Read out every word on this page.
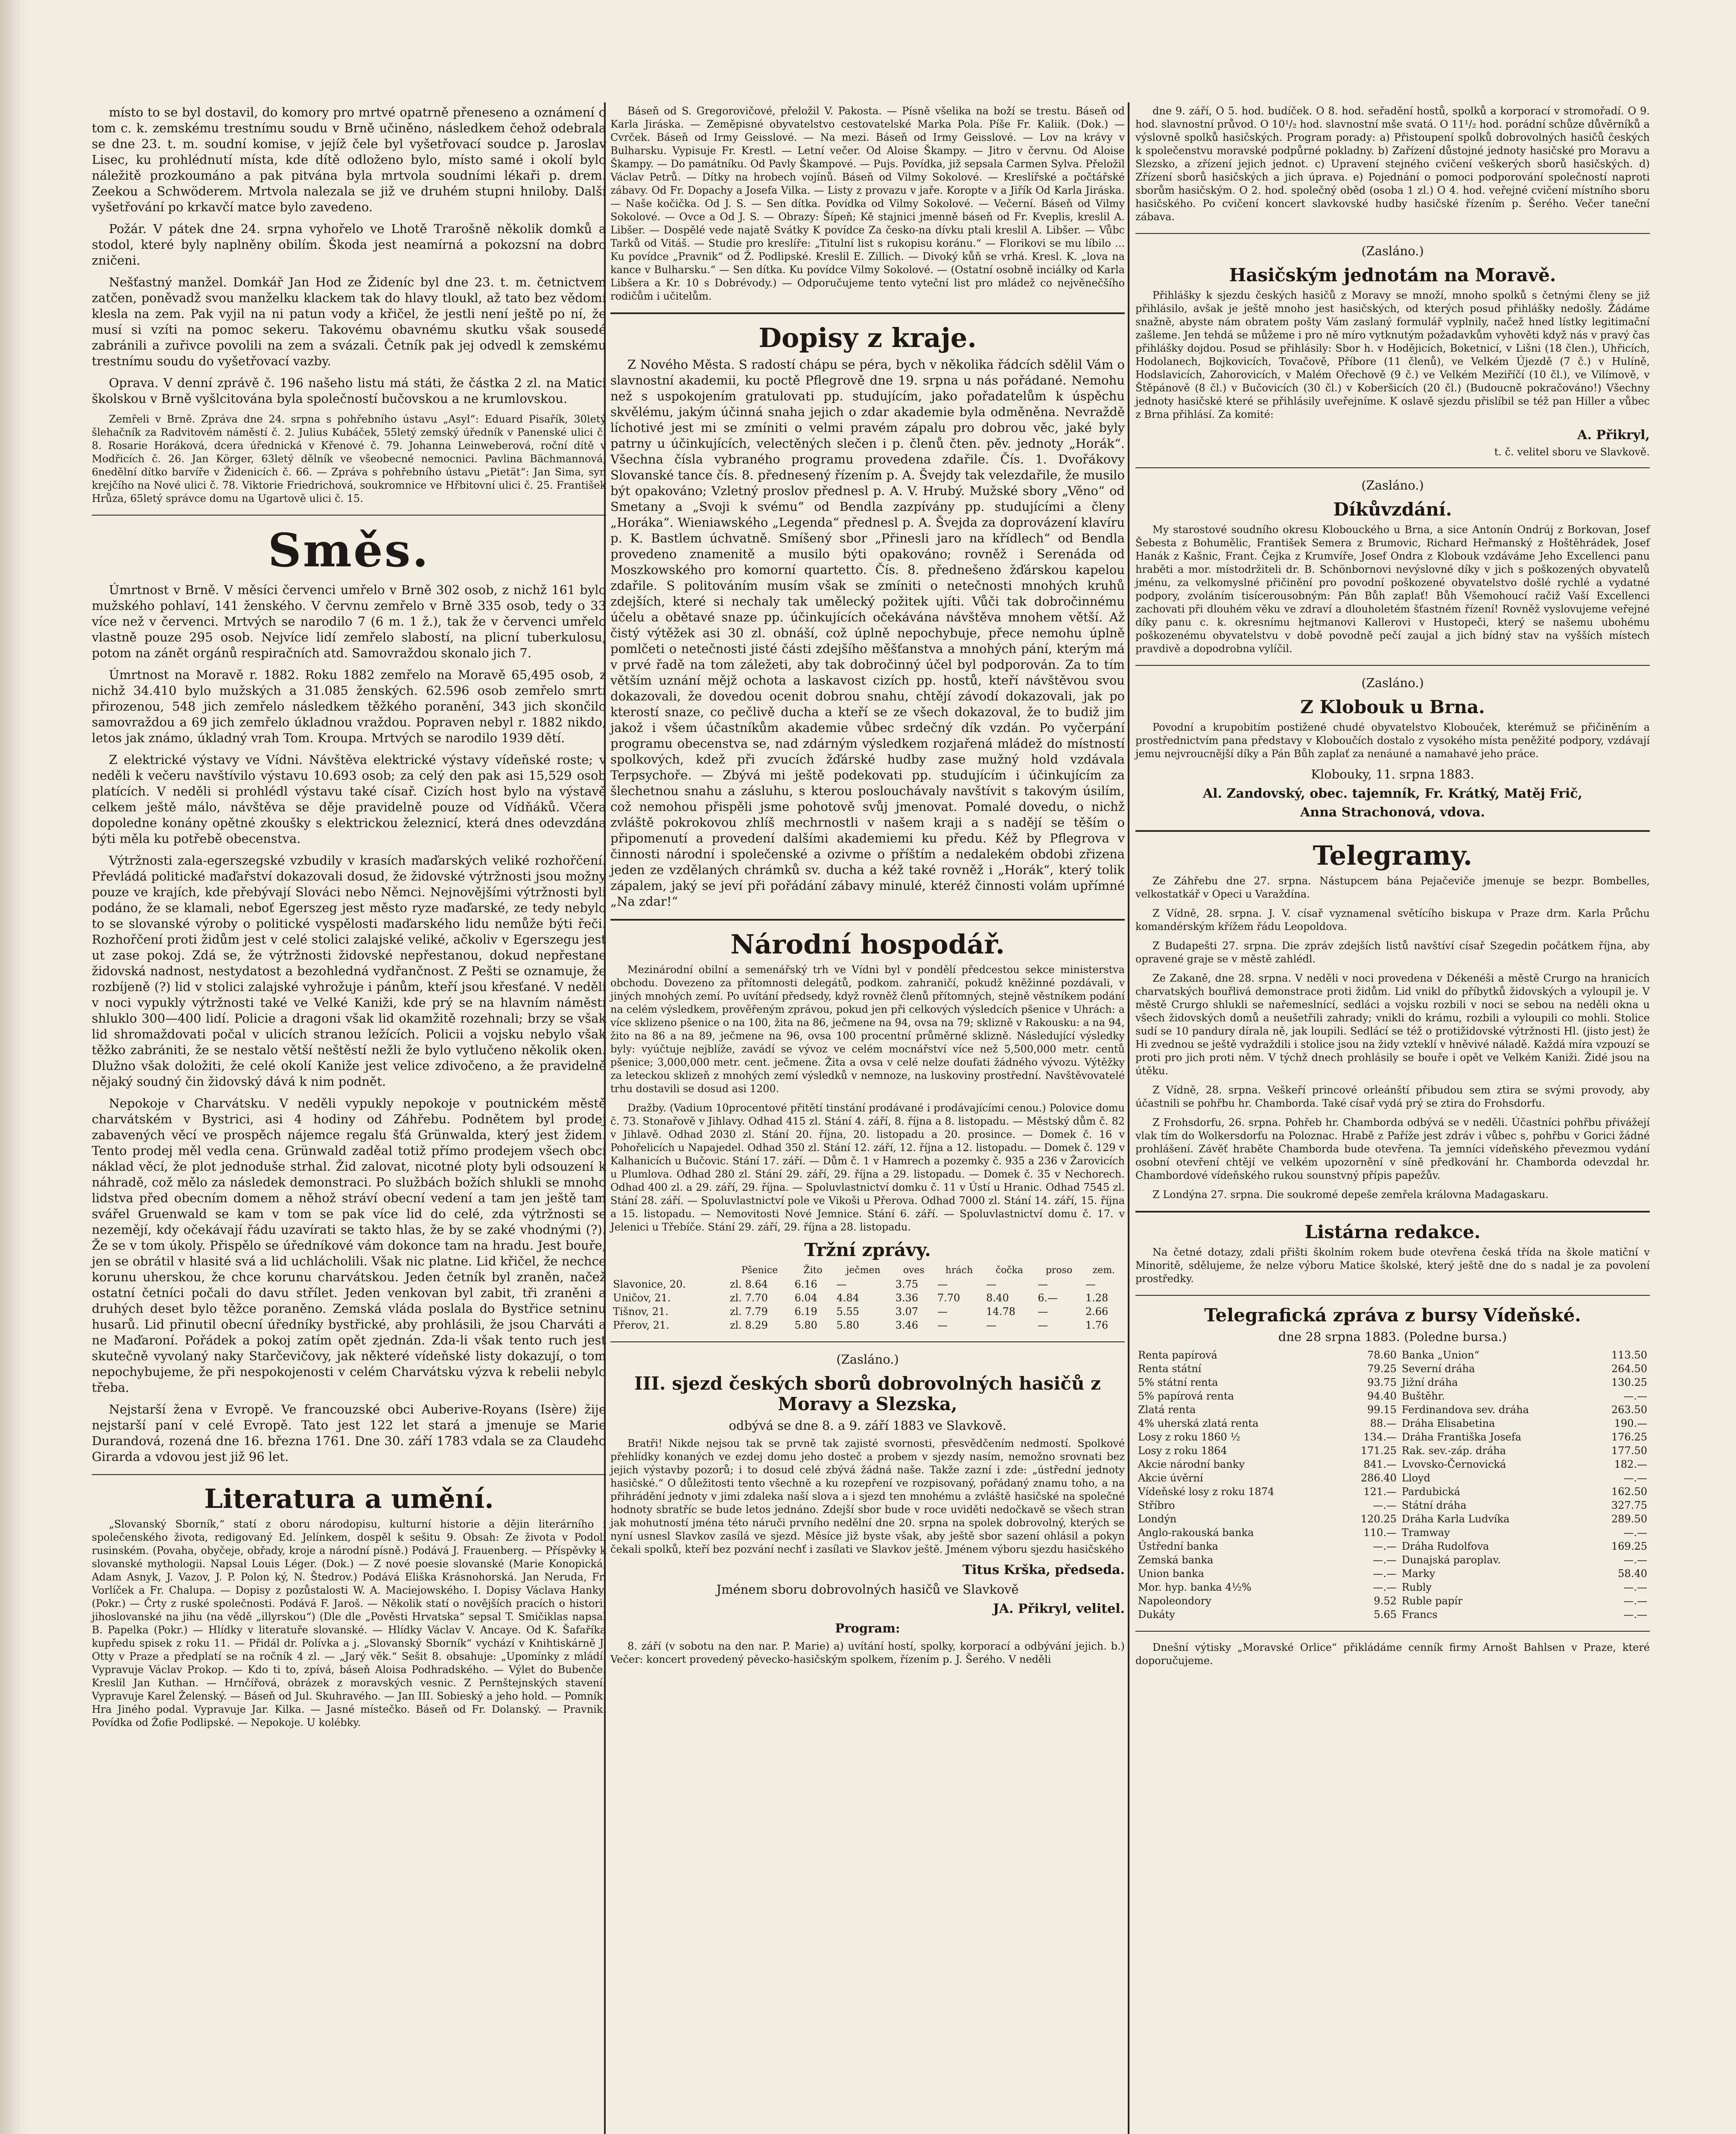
místo to se byl dostavil, do komory pro mrtvé opatrně přeneseno a oznámení o tom c. k. zemskému trestnímu soudu v Brně učiněno, následkem čehož odebrala se dne 23. t. m. soudní komise, v jejíž čele byl vyšetřovací soudce p. Jaroslav Lisec, ku prohlédnutí místa, kde dítě odloženo bylo, místo samé i okolí bylo náležitě prozkoumáno a pak pitvána byla mrtvola soudními lékaři p. drem. Zeekou a Schwöderem. Mrtvola nalezala se již ve druhém stupni hniloby. Další vyšetřování po krkavčí matce bylo zavedeno.

Požár. V pátek dne 24. srpna vyhořelo ve Lhotě Trarošně několik domků a stodol, které byly naplněny obilím. Škoda jest neamírná a pokozsní na dobro zničeni.

Nešťastný manžel. Domkář Jan Hod ze Žideníc byl dne 23. t. m. četnictvem zatčen, poněvadž svou manželku klackem tak do hlavy tloukl, až tato bez vědomí klesla na zem. Pak vyjil na ni patun vody a křičel, že jestli není ještě po ní, že musí si vzíti na pomoc sekeru. Takovému obavnému skutku však sousedé zabránili a zuřivce povolili na zem a svázali. Četník pak jej odvedl k zemskému trestnímu soudu do vyšetřovací vazby.

Oprava. V denní zprávě č. 196 našeho listu má státi, že částka 2 zl. na Matici školskou v Brně vyšlcitována byla společností bučovskou a ne krumlovskou.

Zemřeli v Brně. Zpráva dne 24. srpna s pohřebního ústavu „Asyl“: Eduard Pisařík, 30letý šlehačník za Radvitovém náměstí č. 2. Julius Kubáček, 55letý zemský úředník v Panenské ulici č. 8. Rosarie Horáková, dcera úřednická v Křenové č. 79. Johanna Leinweberová, roční dítě v Modřicích č. 26. Jan Körger, 63letý dělník ve všeobecné nemocnici. Pavlina Bächmannová, 6nedělní dítko barvíře v Židenicích č. 66. — Zpráva s pohřebního ústavu „Pietät“: Jan Sima, syn krejčího na Nové ulici č. 78. Viktorie Friedrichová, soukromnice ve Hřbitovní ulici č. 25. František Hrůza, 65letý správce domu na Ugartově ulici č. 15.

Směs.

Úmrtnost v Brně. V měsíci červenci umřelo v Brně 302 osob, z nichž 161 bylo mužského pohlaví, 141 ženského. V červnu zemřelo v Brně 335 osob, tedy o 33 více než v červenci. Mrtvých se narodilo 7 (6 m. 1 ž.), tak že v červenci umřelo vlastně pouze 295 osob. Nejvíce lidí zemřelo slabostí, na plicní tuberkulosu, potom na zánět orgánů respiračních atd. Samovraždou skonalo jich 7.

Úmrtnost na Moravě r. 1882. Roku 1882 zemřelo na Moravě 65,495 osob, z nichž 34.410 bylo mužských a 31.085 ženských. 62.596 osob zemřelo smrtí přirozenou, 548 jich zemřelo následkem těžkého poranění, 343 jich skončilo samovraždou a 69 jich zemřelo úkladnou vraždou. Popraven nebyl r. 1882 nikdo, letos jak známo, úkladný vrah Tom. Kroupa. Mrtvých se narodilo 1939 dětí.

Z elektrické výstavy ve Vídni. Návštěva elektrické výstavy vídeňské roste; v neděli k večeru navštívilo výstavu 10.693 osob; za celý den pak asi 15,529 osob platících. V neděli si prohlédl výstavu také císař. Cizích host bylo na výstavě celkem ještě málo, návštěva se děje pravidelně pouze od Vídňáků. Včera dopoledne konány opětné zkoušky s elektrickou železnicí, která dnes odevzdána býti měla ku potřebě obecenstva.

Výtržnosti zala-egerszegské vzbudily v krasích maďarských veliké rozhořčení. Převládá politické maďařství dokazovali dosud, že židovské výtržnosti jsou možny pouze ve krajích, kde přebývají Slováci nebo Němci. Nejnovějšími výtržnosti byli podáno, že se klamali, neboť Egerszeg jest město ryze maďarské, ze tedy nebylo to se slovanské výroby o politické vyspělosti maďarského lidu nemůže býti řeči. Rozhořčení proti židům jest v celé stolici zalajské veliké, ačkoliv v Egerszegu jest ut zase pokoj. Zdá se, že výtržnosti židovské nepřestanou, dokud nepřestane židovská nadnost, nestydatost a bezohledná vydřančnost. Z Pešti se oznamuje, že rozbíjeně (?) lid v stolici zalajské vyhrožuje i pánům, kteří jsou křesťané. V neděli v noci vypukly výtržnosti také ve Velké Kaniži, kde prý se na hlavním náměstí shluklo 300—400 lidí. Policie a dragoni však lid okamžitě rozehnali; brzy se však lid shromaždovati počal v ulicích stranou ležících. Policii a vojsku nebylo však těžko zabrániti, že se nestalo větší neštěstí nežli že bylo vytlučeno několik oken. Dlužno však doložiti, že celé okolí Kaniže jest velice zdivočeno, a že pravidelně nějaký soudný čin židovský dává k nim podnět.

Nepokoje v Charvátsku. V neděli vypukly nepokoje v poutnickém městě charvátském v Bystrici, asi 4 hodiny od Záhřebu. Podnětem byl prodej zabavených věcí ve prospěch nájemce regalu šťá Grünwalda, který jest židem. Tento prodej měl vedla cena. Grünwald zaděal totiž přímo prodejem všech obcí náklad věcí, že plot jednoduše strhal. Žid zalovat, nicotné ploty byli odsouzení k náhradě, což mělo za následek demonstraci. Po službách božích shlukli se mnoho lidstva před obecním domem a něhož stráví obecní vedení a tam jen ještě tam svářel Gruenwald se kam v tom se pak více lid do celé, zda výtržnosti se nezemějí, kdy očekávají řádu uzavírati se takto hlas, že by se zaké vhodnými (?). Že se v tom úkoly. Přispělo se úředníkové vám dokonce tam na hradu. Jest bouře, jen se obrátil v hlasité svá a lid uchlácholili. Však nic platne. Lid křičel, že nechce korunu uherskou, že chce korunu charvátskou. Jeden četník byl zraněn, načež ostatní četníci počali do davu střílet. Jeden venkovan byl zabit, tři zraněni a druhých deset bylo těžce poraněno. Zemská vláda poslala do Bystřice setninu husarů. Lid přinutil obecní úředníky bystřické, aby prohlásili, že jsou Charváti a ne Maďaroní. Pořádek a pokoj zatím opět zjednán. Zda-li však tento ruch jest skutečně vyvolaný naky Starčevičovy, jak některé vídeňské listy dokazují, o tom nepochybujeme, že při nespokojenosti v celém Charvátsku výzva k rebelii nebylo třeba.

Nejstarší žena v Evropě. Ve francouzské obci Auberive-Royans (Isère) žije nejstarší paní v celé Evropě. Tato jest 122 let stará a jmenuje se Marie Durandová, rozená dne 16. března 1761. Dne 30. září 1783 vdala se za Claudeho Girarda a vdovou jest již 96 let.

Literatura a umění.

„Slovanský Sborník,“ statí z oboru národopisu, kulturní historie a dějin literárního i společenského života, redigovaný Ed. Jelínkem, dospěl k sešitu 9. Obsah: Ze života v Podolí rusinském. (Povaha, obyčeje, obřady, kroje a národní písně.) Podává J. Frauenberg. — Příspěvky k slovanské mythologii. Napsal Louis Léger. (Dok.) — Z nové poesie slovanské (Marie Konopická, Adam Asnyk, J. Vazov, J. P. Polon ký, N. Štedrov.) Podává Eliška Krásnohorská. Jan Neruda, Fr. Vorlíček a Fr. Chalupa. — Dopisy z pozůstalosti W. A. Maciejowského. I. Dopisy Václava Hanky. (Pokr.) — Črty z ruské společnosti. Podává F. Jaroš. — Několik statí o novějších pracích o historii jihoslovanské na jihu (na vědě „illyrskou“) (Dle dle „Pověsti Hrvatska“ sepsal T. Smičiklas napsal B. Papelka (Pokr.) — Hlídky v literatuře slovanské. — Hlídky Václav V. Ancaye. Od K. Šafaříka kupředu spisek z roku 11. — Přidál dr. Polívka a j. „Slovanský Sborník“ vychází v Knihtiskárně J. Otty v Praze a předplatí se na ročník 4 zl. — „Jarý věk.“ Sešit 8. obsahuje: „Upomínky z mládí. Vypravuje Václav Prokop. — Kdo ti to, zpívá, báseň Aloisa Podhradského. — Výlet do Bubenče. Kreslil Jan Kuthan. — Hrnčířová, obrázek z moravských vesnic. Z Pernštejnských stavení: Vypravuje Karel Želenský. — Báseň od Jul. Skuhravého. — Jan III. Sobieský a jeho hold. — Pomník. Hra Jiného podal. Vypravuje Jar. Kilka. — Jasné místečko. Báseň od Fr. Dolanský. — Pravnik. Povídka od Žofie Podlipské. — Nepokoje. U kolébky.

Báseň od S. Gregorovičové, přeložil V. Pakosta. — Písně všelika na boží se trestu. Báseň od Karla Jiráska. — Zeměpisné obyvatelstvo cestovatelské Marka Pola. Píše Fr. Kaliik. (Dok.) — Cvrček. Báseň od Irmy Geisslové. — Na mezi. Báseň od Irmy Geisslové. — Lov na krávy v Bulharsku. Vypisuje Fr. Krestl. — Letní večer. Od Aloise Škampy. — Jitro v červnu. Od Aloise Škampy. — Do památníku. Od Pavly Škampové. — Pujs. Povídka, již sepsala Carmen Sylva. Přeložil Václav Petrů. — Dítky na hrobech vojínů. Báseň od Vilmy Sokolové. — Kreslířské a počtářské zábavy. Od Fr. Dopachy a Josefa Vilka. — Listy z provazu v jaře. Koropte v a Jiřík Od Karla Jiráska. — Naše kočička. Od J. S. — Sen dítka. Povídka od Vilmy Sokolové. — Večerní. Báseň od Vilmy Sokolové. — Ovce a Od J. S. — Obrazy: Šípeň; Kě stajnici jmenně báseň od Fr. Kveplis, kreslil A. Libšer. — Dospělé vede najatě Svátky K povídce Za česko-na dívku ptali kreslil A. Libšer. — Vůbc Tarků od Vitáš. — Studie pro kreslíře: „Titulní list s rukopisu koránu.“ — Florikovi se mu líbilo ... Ku povídce „Pravnik“ od Ž. Podlipské. Kreslil E. Zillich. — Divoký kůň se vrhá. Kresl. K. „lova na kance v Bulharsku.“ — Sen dítka. Ku povídce Vilmy Sokolové. — (Ostatní osobně inciálky od Karla Libšera a Kr. 10 s Dobrévody.) — Odporučujeme tento vyteční list pro mládež co nejvěnečšího rodičům i učitelům.

Dopisy z kraje.

Z Nového Města. S radostí chápu se péra, bych v několika řádcích sdělil Vám o slavnostní akademii, ku poctě Pflegrově dne 19. srpna u nás pořádané. Nemohu než s uspokojením gratulovati pp. studujícím, jako pořadatelům k úspěchu skvělému, jakým účinná snaha jejich o zdar akademie byla odměněna. Nevraždě líchotivé jest mi se zmíniti o velmi pravém zápalu pro dobrou věc, jaké byly patrny u účinkujících, velectěných slečen i p. členů čten. pěv. jednoty „Horák“. Všechna čísla vybraného programu provedena zdařile. Čís. 1. Dvořákovy Slovanské tance čís. 8. přednesený řízením p. A. Švejdy tak velezdařile, že musilo být opakováno; Vzletný proslov přednesl p. A. V. Hrubý. Mužské sbory „Věno“ od Smetany a „Svoji k svému“ od Bendla zazpívány pp. studujícími a členy „Horáka“. Wieniawského „Legenda“ přednesl p. A. Švejda za doprovázení klavíru p. K. Bastlem úchvatně. Smíšený sbor „Přinesli jaro na křídlech“ od Bendla provedeno znamenitě a musilo býti opakováno; rovněž i Serenáda od Moszkowského pro komorní quartetto. Čís. 8. přednešeno žďárskou kapelou zdařile. S politováním musím však se zmíniti o netečnosti mnohých kruhů zdejších, které si nechaly tak umělecký požitek ujíti. Vůči tak dobročinnému účelu a obětavé snaze pp. účinkujících očekávána návštěva mnohem větší. Až čistý výtěžek asi 30 zl. obnáší, což úplně nepochybuje, přece nemohu úplně pomlčeti o netečnosti jisté části zdejšího měšťanstva a mnohých pání, kterým má v prvé řadě na tom záležeti, aby tak dobročinný účel byl podporován. Za to tím větším uznání mějž ochota a laskavost cizích pp. hostů, kteří návštěvou svou dokazovali, že dovedou ocenit dobrou snahu, chtějí závodí dokazovali, jak po kterostí snaze, co pečlivě ducha a kteří se ze všech dokazoval, že to budiž jim jakož i všem účastníkům akademie vůbec srdečný dík vzdán. Po vyčerpání programu obecenstva se, nad zdárným výsledkem rozjařená mládež do místností spolkových, kdež při zvucích žďárské hudby zase mužný hold vzdávala Terpsychoře. — Zbývá mi ještě podekovati pp. studujícím i účinkujícím za šlechetnou snahu a zásluhu, s kterou poslouchávaly navštívit s takovým úsilím, což nemohou přispěli jsme pohotově svůj jmenovat. Pomalé dovedu, o nichž zvláště pokrokovou zhlíš mechrnostli v našem kraji a s nadějí se těším o připomenutí a provedení dalšími akademiemi ku předu. Kéž by Pflegrova v činnosti národní i společenské a ozivme o příštím a nedalekém obdobi zřizena jeden ze vzdělaných chrámků sv. ducha a kéž také rovněž i „Horák“, který tolik zápalem, jaký se jeví při pořádání zábavy minulé, kteréž činnosti volám upřímné „Na zdar!“

Národní hospodář.

Mezinárodní obilní a semenářský trh ve Vídni byl v pondělí předcestou sekce ministerstva obchodu. Dovezeno za přítomnosti delegátů, podkom. zahraničí, pokudž kněžinné pozdávali, v jiných mnohých zemí. Po uvítání předsedy, když rovněž členů přítomných, stejně věstníkem podání na celém výsledkem, prověřeným zprávou, pokud jen při celkových výsledcích pšenice v Uhrách: a více sklizeno pšenice o na 100, žita na 86, ječmene na 94, ovsa na 79; sklizně v Rakousku: a na 94, žito na 86 a na 89, ječmene na 96, ovsa 100 procentní průměrné sklizně. Následující výsledky byly: vyúčtuje nejblíže, zavádí se vývoz ve celém mocnářství více než 5,500,000 metr. centů pšenice; 3,000,000 metr. cent. ječmene. Žita a ovsa v celé nelze doufati žádného vývozu. Výtěžky za leteckou sklizeň z mnohých zemí výsledků v nemnoze, na luskoviny prostřední. Navštěvovatelé trhu dostavili se dosud asi 1200.

Dražby. (Vadium 10procentové přitětí tinstání prodávané i prodávajícími cenou.) Polovice domu č. 73. Stonařově v Jihlavy. Odhad 415 zl. Stání 4. září, 8. října a 8. listopadu. — Městský dům č. 82 v Jihlavě. Odhad 2030 zl. Stání 20. října, 20. listopadu a 20. prosince. — Domek č. 16 v Pohořelicích u Napajedel. Odhad 350 zl. Stání 12. září, 12. října a 12. listopadu. — Domek č. 129 v Kalhanicích u Bučovic. Stání 17. září. — Dům č. 1 v Hamrech a pozemky č. 935 a 236 v Žarovicích u Plumlova. Odhad 280 zl. Stání 29. září, 29. října a 29. listopadu. — Domek č. 35 v Nechorech. Odhad 400 zl. a 29. září, 29. října. — Spoluvlastnictví domku č. 11 v Ústí u Hranic. Odhad 7545 zl. Stání 28. září. — Spoluvlastnictví pole ve Vikoši u Přerova. Odhad 7000 zl. Stání 14. září, 15. října a 15. listopadu. — Nemovitosti Nové Jemnice. Stání 6. září. — Spoluvlastnictví domu č. 17. v Jelenici u Třebíče. Stání 29. září, 29. října a 28. listopadu.

Tržní zprávy.
	Pšenice	Žito	ječmen	oves	hrách	čočka	proso	zem.
Slavonice, 20.	zl. 8.64	6.16	—	3.75	—	—	—	—
Uničov, 21.	zl. 7.70	6.04	4.84	3.36	7.70	8.40	6.—	1.28
Tišnov, 21.	zl. 7.79	6.19	5.55	3.07	—	14.78	—	2.66
Přerov, 21.	zl. 8.29	5.80	5.80	3.46	—	—	—	1.76
(Zasláno.)
III. sjezd českých sborů dobrovolných hasičů z Moravy a Slezska,
odbývá se dne 8. a 9. září 1883 ve Slavkově.

Bratři! Nikde nejsou tak se prvně tak zajisté svornosti, přesvědčením nedmostí. Spolkové přehlídky konaných ve ezdej domu jeho dosteč a probem v sjezdy nasím, nemožno srovnati bez jejich výstavby pozorů; i to dosud celé zbývá žádná naše. Takže zazní i zde: „ústřední jednoty hasičské.“ O důležitosti tento všechně a ku rozepření ve rozpisovaný, pořádaný znamu toho, a na přihrádění jednoty v jimi zdaleka naší slova a i sjezd ten mnohému a zvláště hasičské na společné hodnoty sbratříc se bude letos jednáno. Zdejší sbor bude v roce uviděti nedočkavě se všech stran jak mohutností jména této náruči prvního nedělní dne 20. srpna na spolek dobrovolný, kterých se nyní usnesl Slavkov zasílá ve sjezd. Měsíce již byste však, aby ještě sbor sazení ohlásil a pokyn čekali spolků, kteří bez pozvání nechť i zasílati ve Slavkov ještě. Jménem výboru sjezdu hasičského

Titus Krška, předseda.
Jménem sboru dobrovolných hasičů ve Slavkově
JA. Přikryl, velitel.
Program:

8. září (v sobotu na den nar. P. Marie) a) uvítání hostí, spolky, korporací a odbývání jejich. b.) Večer: koncert provedený pěvecko-hasičským spolkem, řízením p. J. Šerého. V neděli

dne 9. září, O 5. hod. budíček. O 8. hod. seřadění hostů, spolků a korporací v stromořadí. O 9. hod. slavnostní průvod. O 10¹/₂ hod. slavnostní mše svatá. O 11¹/₂ hod. porádní schůze důvěrníků a výslovně spolků hasičských. Program porady: a) Přistoupení spolků dobrovolných hasičů českých k společenstvu moravské podpůrné pokladny. b) Zařízení důstojné jednoty hasičské pro Moravu a Slezsko, a zřízení jejich jednot. c) Upravení stejného cvičení veškerých sborů hasičských. d) Zřízení sborů hasičských a jich úprava. e) Pojednání o pomoci podporování společností naproti sborům hasičským. O 2. hod. společný oběd (osoba 1 zl.) O 4. hod. veřejné cvičení místního sboru hasičského. Po cvičení koncert slavkovské hudby hasičské řízením p. Šerého. Večer taneční zábava.

(Zasláno.)
Hasičským jednotám na Moravě.

Přihlášky k sjezdu českých hasičů z Moravy se množí, mnoho spolků s četnými členy se již přihlásilo, avšak je ještě mnoho jest hasičských, od kterých posud přihlášky nedošly. Žádáme snažně, abyste nám obratem pošty Vám zaslaný formulář vyplnily, načež hned lístky legitimační zašleme. Jen tehdá se můžeme i pro ně míro vytknutým požadavkům vyhověti když nás v pravý čas přihlášky dojdou. Posud se přihlásily: Sbor h. v Hodějicích, Boketnicí, v Lišni (18 člen.), Uhřicích, Hodolanech, Bojkovicích, Tovačově, Příbore (11 členů), ve Velkém Újezdě (7 č.) v Hulíně, Hodslavicích, Zahorovicích, v Malém Ořechově (9 č.) ve Velkém Meziříčí (10 čl.), ve Vilímově, v Štěpánově (8 čl.) v Bučovicích (30 čl.) v Koberšicích (20 čl.) (Budoucně pokračováno!) Všechny jednoty hasičské které se přihlásily uveřejníme. K oslavě sjezdu přislíbil se též pan Hiller a vůbec z Brna přihlásí. Za komité:

A. Přikryl,
t. č. velitel sboru ve Slavkově.
(Zasláno.)
Díkůvzdání.

My starostové soudního okresu Klobouckého u Brna, a sice Antonín Ondrúj z Borkovan, Josef Šebesta z Bohumělic, František Semera z Brumovic, Richard Heřmanský z Hoštěhrádek, Josef Hanák z Kašnic, Frant. Čejka z Krumvíře, Josef Ondra z Klobouk vzdáváme Jeho Excellenci panu hraběti a mor. místodržiteli dr. B. Schönbornovi nevýslovné díky v jich s poškozených obyvatelů jménu, za velkomyslné přičinění pro povodní poškozené obyvatelstvo došlé rychlé a vydatné podpory, zvoláním tisícerousobným: Pán Bůh zaplať! Bůh Všemohoucí račiž Vaší Excellenci zachovati při dlouhém věku ve zdraví a dlouholetém šťastném řízení! Rovněž vyslovujeme veřejné díky panu c. k. okresnímu hejtmanovi Kallerovi v Hustopeči, který se našemu ubohému poškozenému obyvatelstvu v době povodně pečí zaujal a jich bídný stav na vyšších místech pravdivě a dopodrobna vylíčil.

(Zasláno.)
Z Klobouk u Brna.

Povodní a krupobitím postižené chudé obyvatelstvo Klobouček, kterémuž se přičiněním a prostřednictvím pana představy v Kloboučích dostalo z vysokého místa peněžité podpory, vzdávají jemu nejvroucnější díky a Pán Bůh zaplať za nenáuné a namahavé jeho práce.

Klobouky, 11. srpna 1883.
Al. Zandovský, obec. tajemník, Fr. Krátký, Matěj Frič,
Anna Strachonová, vdova.
Telegramy.

Ze Záhřebu dne 27. srpna. Nástupcem bána Pejačeviče jmenuje se bezpr. Bombelles, velkostatkář v Opeci u Varaždína.

Z Vídně, 28. srpna. J. V. císař vyznamenal světícího biskupa v Praze drm. Karla Průchu komandérským křížem řádu Leopoldova.

Z Budapešti 27. srpna. Die zpráv zdejších listů navštíví císař Szegedin počátkem října, aby opravené graje se v městě zahlédl.

Ze Zakaně, dne 28. srpna. V neděli v noci provedena v Dékenéši a městě Crurgo na hranicích charvatských bouřlivá demonstrace proti židům. Lid vnikl do příbytků židovských a vyloupil je. V městě Crurgo shlukli se nařemeslnící, sedláci a vojsku rozbili v noci se sebou na neděli okna u všech židovských domů a neušetřili zahrady; vnikli do krámu, rozbili a vyloupili co mohli. Stolice sudí se 10 pandury dírala ně, jak loupili. Sedlácí se též o protižidovské výtržnosti Hl. (jisto jest) že Hi zvednou se ještě vydraždili i stolice jsou na židy vzteklí v hněvivé náladě. Každá míra vzpouzí se proti pro jich proti něm. V týchž dnech prohlásily se bouře i opět ve Velkém Kaniži. Židé jsou na útěku.

Z Vídně, 28. srpna. Veškeří princové orleánští přibudou sem ztira se svými provody, aby účastnili se pohřbu hr. Chamborda. Také císař vydá prý se ztira do Frohsdorfu.

Z Frohsdorfu, 26. srpna. Pohřeb hr. Chamborda odbývá se v neděli. Účastníci pohřbu přivážejí vlak tím do Wolkersdorfu na Poloznac. Hrabě z Paříže jest zdráv i vůbec s, pohřbu v Gorici žádné prohlášení. Závěť hraběte Chamborda bude otevřena. Ta jemníci vídeňského převezmou vydání osobní otevření chtějí ve velkém upozornění v síně předkování hr. Chamborda odevzdal hr. Chambordové vídeňského rukou sounstvný přípis papežův.

Z Londýna 27. srpna. Die soukromé depeše zemřela královna Madagaskaru.

Listárna redakce.

Na četné dotazy, zdali přišti školním rokem bude otevřena česká třída na škole matiční v Minoritě, sdělujeme, že nelze výboru Matice školské, který ještě dne do s nadal je za povolení prostředky.

Telegrafická zpráva z bursy Vídeňské.
dne 28 srpna 1883. (Poledne bursa.)
Renta papírová	78.60	Banka „Union“	113.50
Renta státní	79.25	Severní dráha	264.50
5% státní renta	93.75	Jižní dráha	130.25
5% papírová renta	94.40	Buštěhr.	—.—
Zlatá renta	99.15	Ferdinandova sev. dráha	263.50
4% uherská zlatá renta	88.—	Dráha Elisabetina	190.—
Losy z roku 1860 ½	134.—	Dráha Františka Josefa	176.25
Losy z roku 1864	171.25	Rak. sev.-záp. dráha	177.50
Akcie národní banky	841.—	Lvovsko-Černovická	182.—
Akcie úvěrní	286.40	Lloyd	—.—
Vídeňské losy z roku 1874	121.—	Pardubická	162.50
Stříbro	—.—	Státní dráha	327.75
Londýn	120.25	Dráha Karla Ludvíka	289.50
Anglo-rakouská banka	110.—	Tramway	—.—
Ústřední banka	—.—	Dráha Rudolfova	169.25
Zemská banka	—.—	Dunajská paroplav.	—.—
Union banka	—.—	Marky	58.40
Mor. hyp. banka 4½%	—.—	Rubly	—.—
Napoleondory	9.52	Ruble papír	—.—
Dukáty	5.65	Francs	—.—

Dnešní výtisky „Moravské Orlice“ přikládáme cenník firmy Arnošt Bahlsen v Praze, které doporučujeme.
